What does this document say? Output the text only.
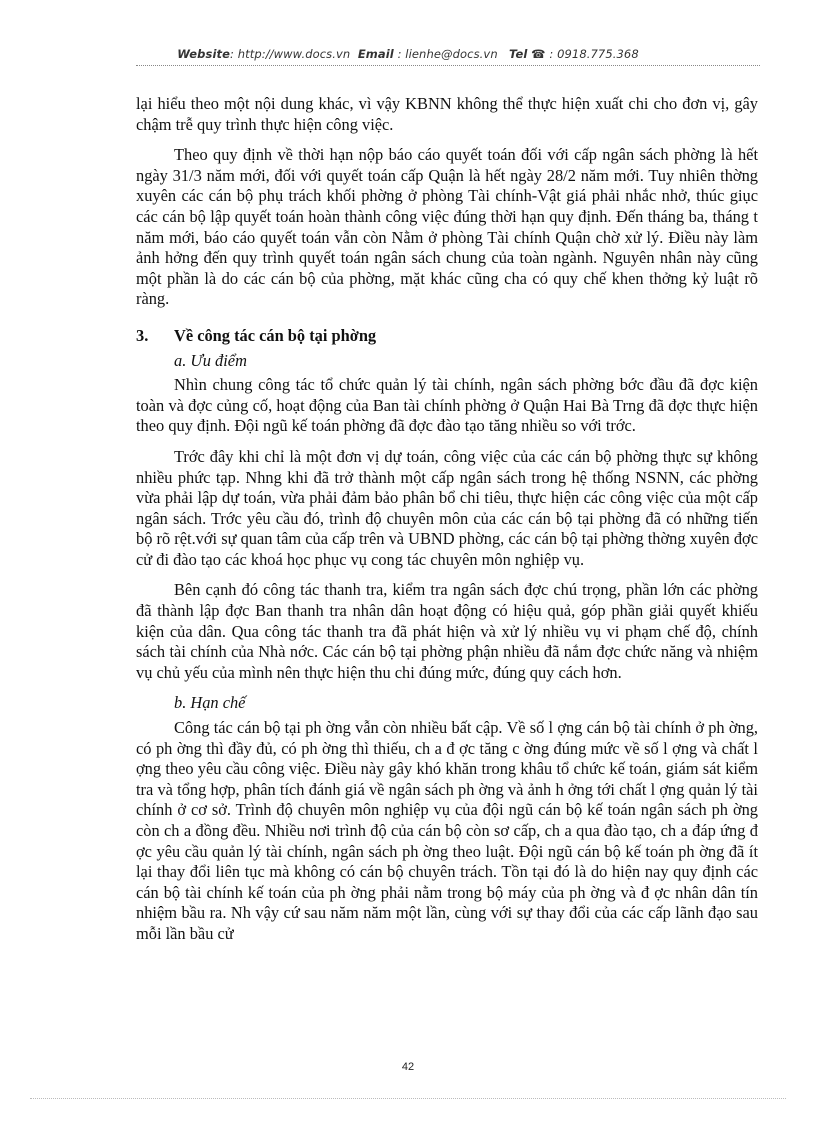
Website: http://www.docs.vn Email : lienhe@docs.vn Tel ☎ : 0918.775.368

lại hiểu theo một nội dung khác, vì vậy KBNN không thể thực hiện xuất chi cho đơn vị, gây chậm trễ quy trình thực hiện công việc.

Theo quy định về thời hạn nộp báo cáo quyết toán đối với cấp ngân sách phờng là hết ngày 31/3 năm mới, đối với quyết toán cấp Quận là hết ngày 28/2 năm mới. Tuy nhiên thờng xuyên các cán bộ phụ trách khối phờng ở phòng Tài chính-Vật giá phải nhắc nhở, thúc giục các cán bộ lập quyết toán hoàn thành công việc đúng thời hạn quy định. Đến tháng ba, tháng t năm mới, báo cáo quyết toán vẫn còn Nằm ở phòng Tài chính Quận chờ xử lý. Điều này làm ảnh hởng đến quy trình quyết toán ngân sách chung của toàn ngành. Nguyên nhân này cũng một phần là do các cán bộ của phờng, mặt khác cũng cha có quy chế khen thởng kỷ luật rõ ràng.

3.	Về công tác cán bộ tại phờng
a. Ưu điểm

Nhìn chung công tác tổ chức quản lý tài chính, ngân sách phờng bớc đầu đã đợc kiện toàn và đợc củng cố, hoạt động của Ban tài chính phờng ở Quận Hai Bà Trng đã đợc thực hiện theo quy định. Đội ngũ kế toán phờng đã đợc đào tạo tăng nhiều so với trớc.

Trớc đây khi chỉ là một đơn vị dự toán, công việc của các cán bộ phờng thực sự không nhiều phức tạp. Nhng khi đã trở thành một cấp ngân sách trong hệ thống NSNN, các phờng vừa phải lập dự toán, vừa phải đảm bảo phân bổ chi tiêu, thực hiện các công việc của một cấp ngân sách. Trớc yêu cầu đó, trình độ chuyên môn của các cán bộ tại phờng đã có những tiến bộ rõ rệt.với sự quan tâm của cấp trên và UBND phờng, các cán bộ tại phờng thờng xuyên đợc cử đi đào tạo các khoá học phục vụ cong tác chuyên môn nghiệp vụ.

Bên cạnh đó công tác thanh tra, kiểm tra ngân sách đợc chú trọng, phần lớn các phờng đã thành lập đợc Ban thanh tra nhân dân hoạt động có hiệu quả, góp phần giải quyết khiếu kiện của dân. Qua công tác thanh tra đã phát hiện và xử lý nhiều vụ vi phạm chế độ, chính sách tài chính của Nhà nớc. Các cán bộ tại phờng phận nhiều đã nắm đợc chức năng và nhiệm vụ chủ yếu của mình nên thực hiện thu chi đúng mức, đúng quy cách hơn.

b. Hạn chế

Công tác cán bộ tại ph ờng vẫn còn nhiều bất cập. Về số l ợng cán bộ tài chính ở ph ờng, có ph ờng thì đầy đủ, có ph ờng thì thiếu, ch a đ ợc tăng c ờng đúng mức về số l ợng và chất l ợng theo yêu cầu công việc. Điều này gây khó khăn trong khâu tổ chức kế toán, giám sát kiểm tra và tổng hợp, phân tích đánh giá về ngân sách ph ờng và ảnh h ởng tới chất l ợng quản lý tài chính ở cơ sở. Trình độ chuyên môn nghiệp vụ của đội ngũ cán bộ kế toán ngân sách ph ờng còn ch a đồng đều. Nhiều nơi trình độ của cán bộ còn sơ cấp, ch a qua đào tạo, ch a đáp ứng đ ợc yêu cầu quản lý tài chính, ngân sách ph ờng theo luật. Đội ngũ cán bộ kế toán ph ờng đã ít lại thay đổi liên tục mà không có cán bộ chuyên trách. Tồn tại đó là do hiện nay quy định các cán bộ tài chính kế toán của ph ờng phải nằm trong bộ máy của ph ờng và đ ợc nhân dân tín nhiệm bầu ra. Nh vậy cứ sau năm năm một lần, cùng với sự thay đổi của các cấp lãnh đạo sau mỗi lần bầu cử

42
